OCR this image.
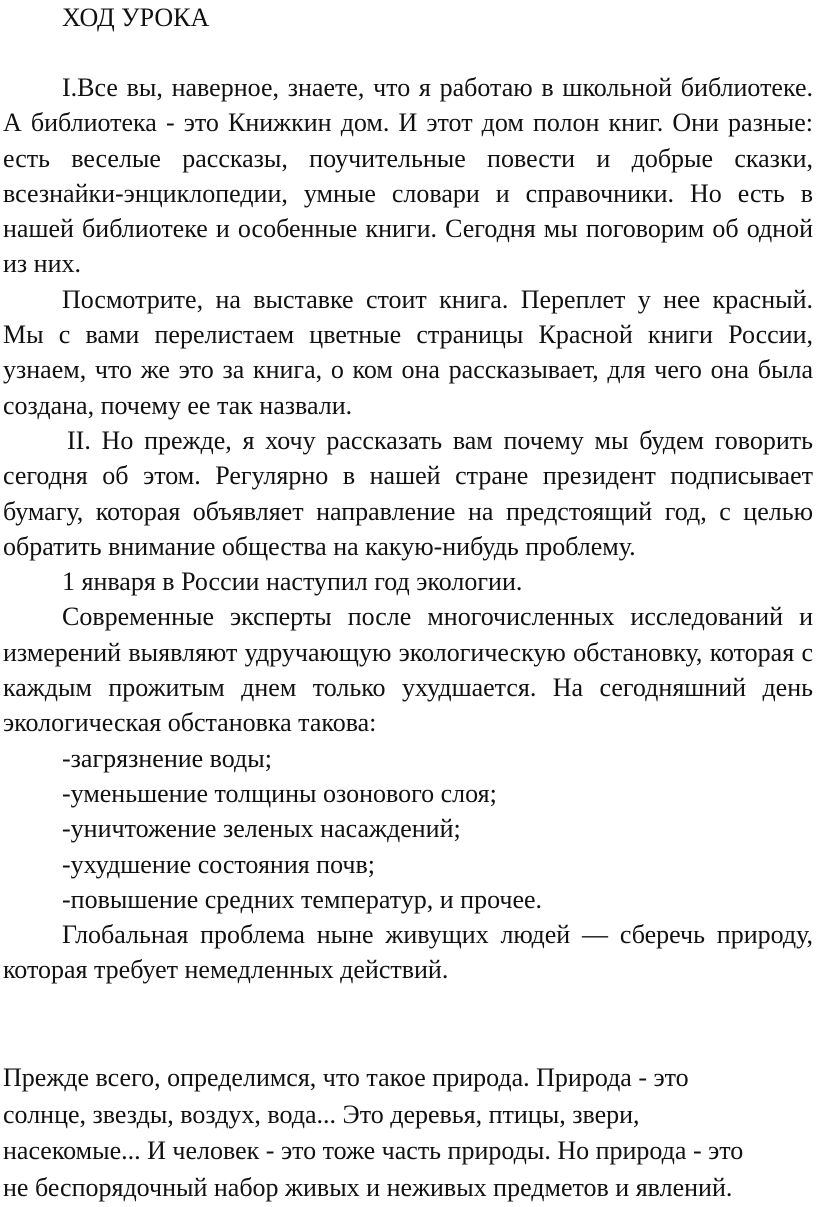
ХОД УРОКА

I.Все вы, наверное, знаете, что я работаю в школьной библиотеке. А библиотека - это Книжкин дом. И этот дом полон книг. Они разные: есть веселые рассказы, поучительные повести и добрые сказки, всезнайки-энциклопедии, умные словари и справочники. Но есть в нашей библиотеке и особенные книги. Сегодня мы поговорим об одной из них.

Посмотрите, на выставке стоит книга. Переплет у нее красный. Мы с вами перелистаем цветные страницы Красной книги России, узнаем, что же это за книга, о ком она рассказывает, для чего она была создана, почему ее так назвали.

II. Но прежде, я хочу рассказать вам почему мы будем говорить сегодня об этом. Регулярно в нашей стране президент подписывает бумагу, которая объявляет направление на предстоящий год, с целью обратить внимание общества на какую-нибудь проблему.

1 января в России наступил год экологии.

Современные эксперты после многочисленных исследований и измерений выявляют удручающую экологическую обстановку, которая с каждым прожитым днем только ухудшается. На сегодняшний день экологическая обстановка такова:

-загрязнение воды;

-уменьшение толщины озонового слоя;

-уничтожение зеленых насаждений;

-ухудшение состояния почв;

-повышение средних температур, и прочее.

Глобальная проблема ныне живущих людей — сберечь природу, которая требует немедленных действий.

Прежде всего, определимся, что такое природа. Природа - это

солнце, звезды, воздух, вода... Это деревья, птицы, звери,

насекомые... И человек - это тоже часть природы. Но природа - это

не беспорядочный набор живых и неживых предметов и явлений.
